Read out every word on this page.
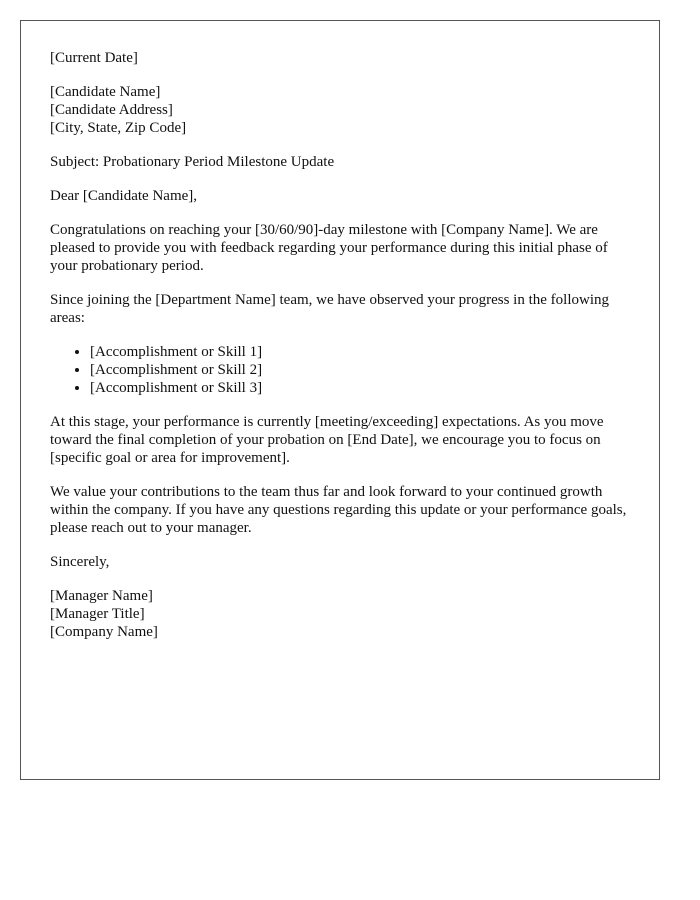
[Current Date]

[Candidate Name]
[Candidate Address]
[City, State, Zip Code]

Subject: Probationary Period Milestone Update

Dear [Candidate Name],

Congratulations on reaching your [30/60/90]-day milestone with [Company Name]. We are pleased to provide you with feedback regarding your performance during this initial phase of your probationary period.

Since joining the [Department Name] team, we have observed your progress in the following areas:

• [Accomplishment or Skill 1]
• [Accomplishment or Skill 2]
• [Accomplishment or Skill 3]

At this stage, your performance is currently [meeting/exceeding] expectations. As you move toward the final completion of your probation on [End Date], we encourage you to focus on [specific goal or area for improvement].

We value your contributions to the team thus far and look forward to your continued growth within the company. If you have any questions regarding this update or your performance goals, please reach out to your manager.

Sincerely,

[Manager Name]
[Manager Title]
[Company Name]
